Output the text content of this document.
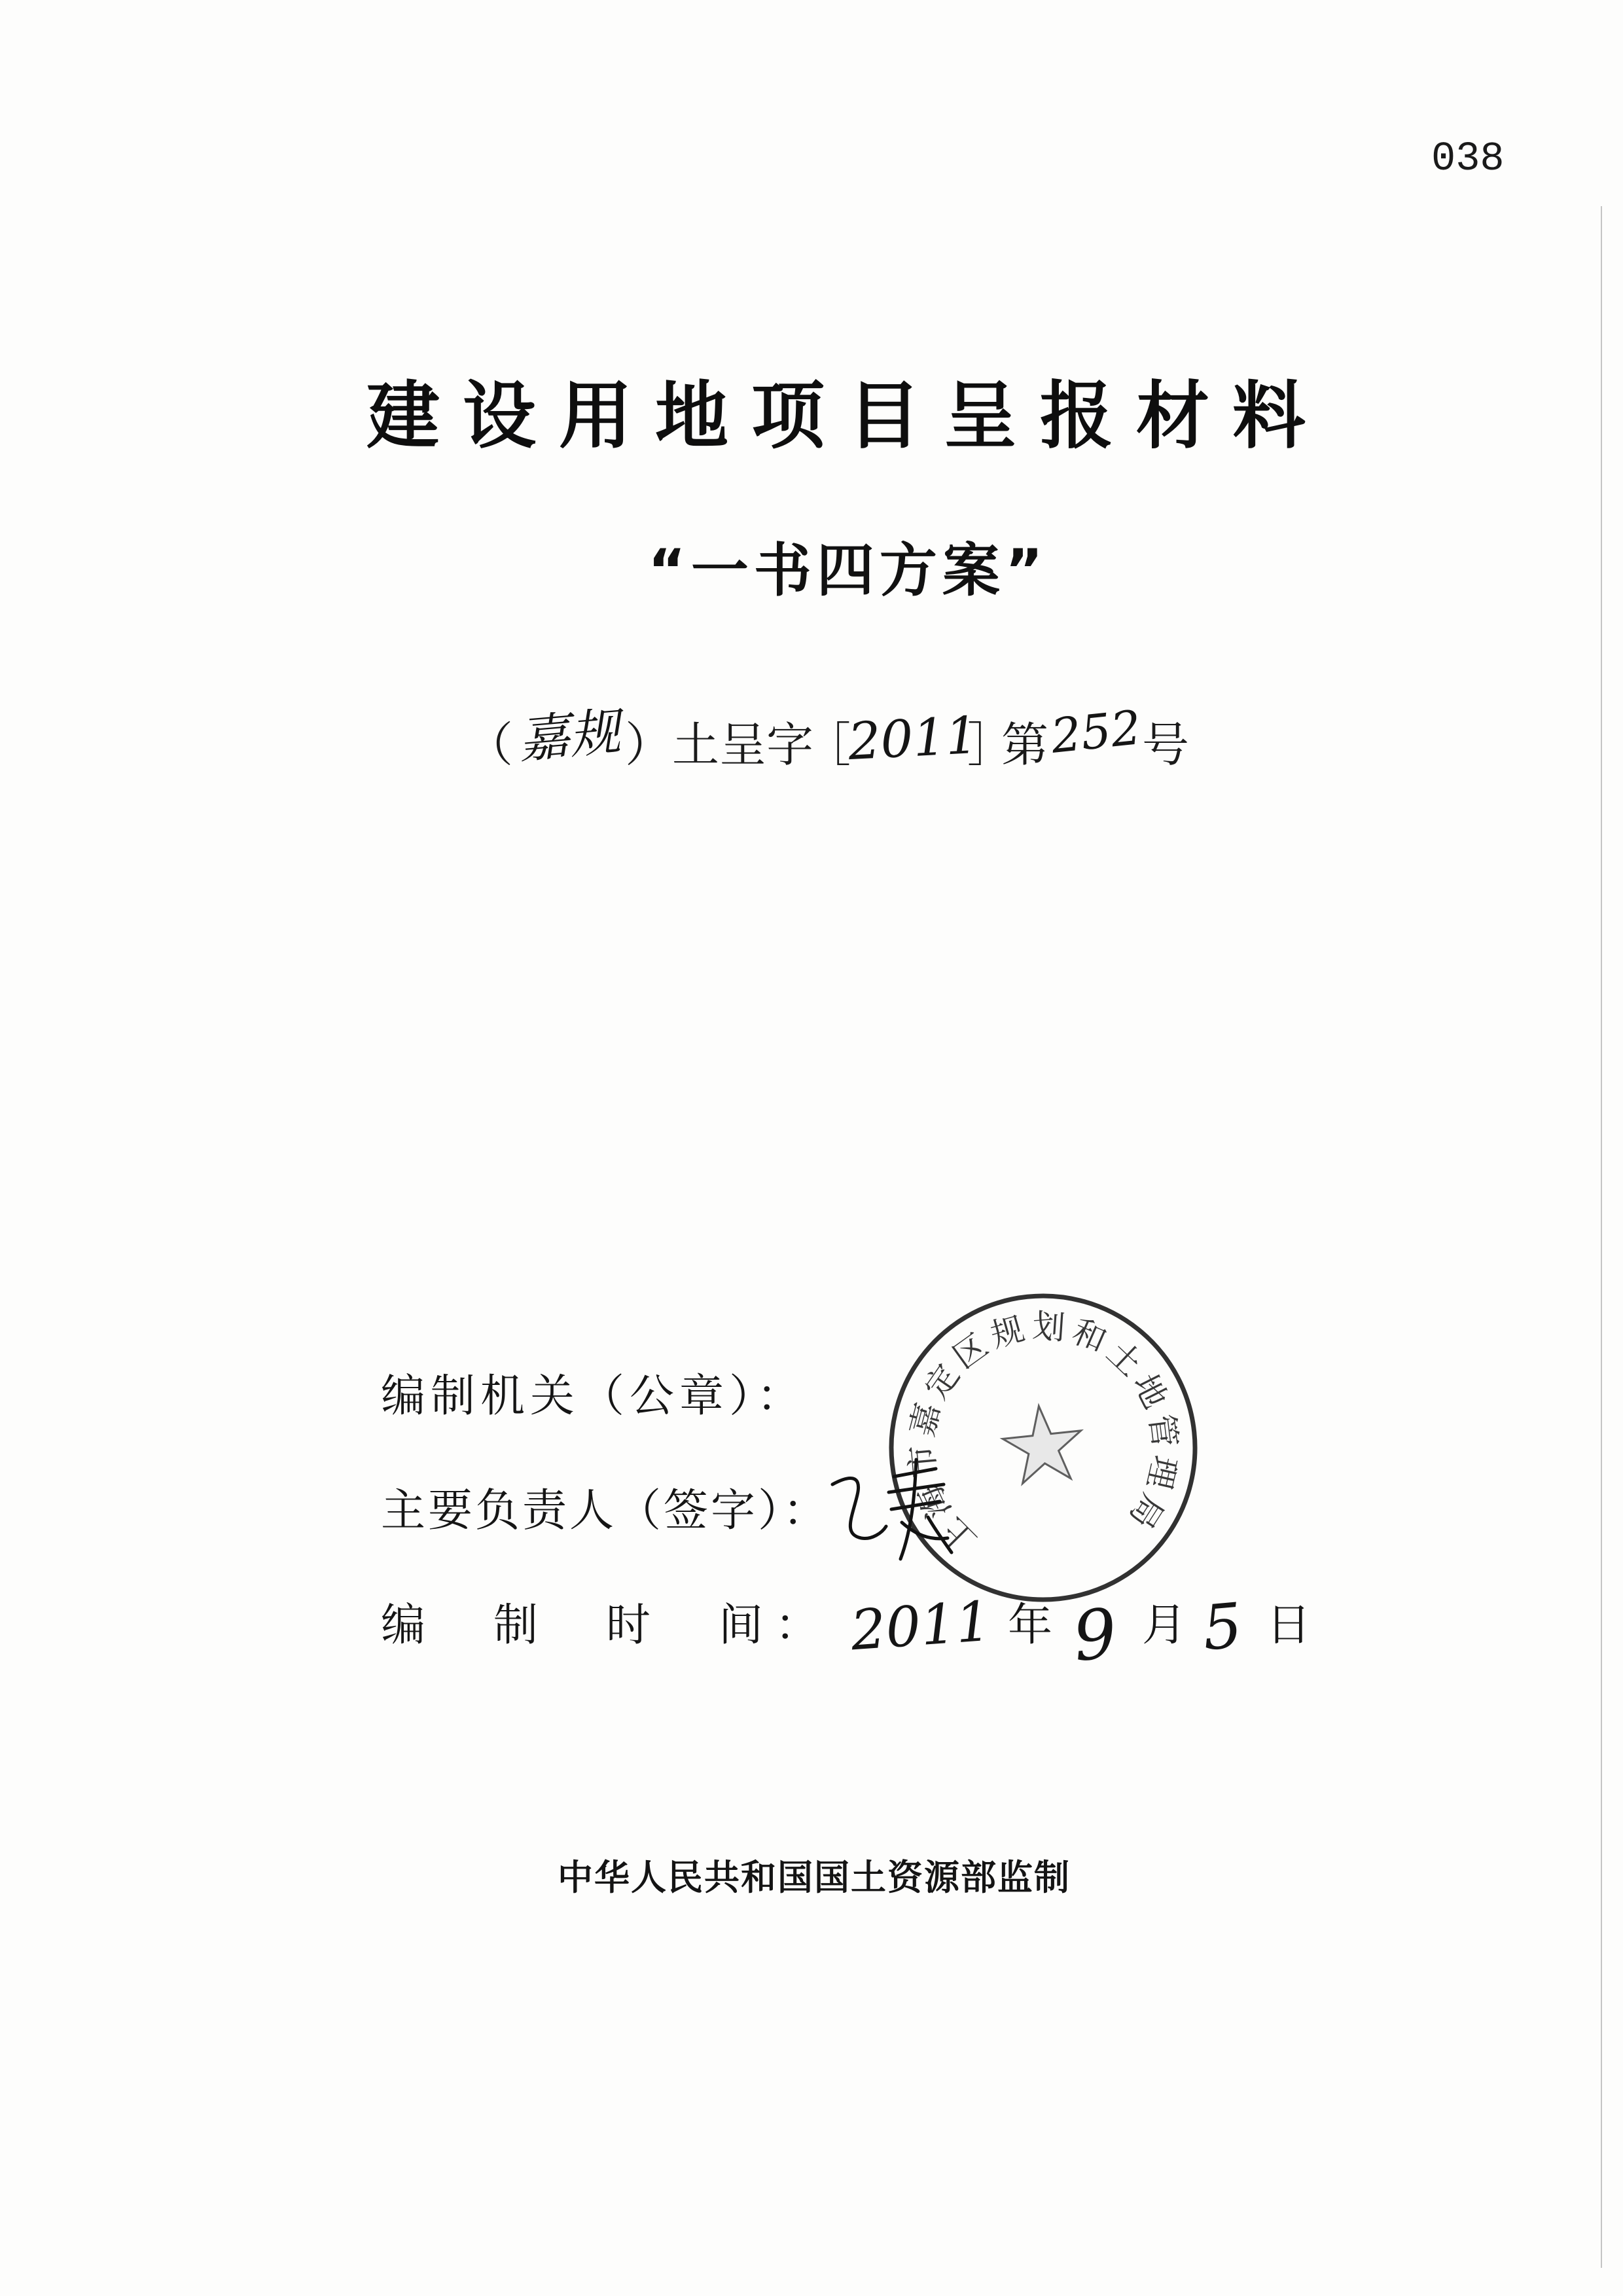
038
建设用地项目呈报材料
“一书四方案”
（ 嘉规 ）土呈字
［
2011
］
第 252
号
上海市嘉定区规划和土地管理局
编制机关（公章）：
主要负责人（签字）：
编　制　时　间： 2011 年 9 月 5 日
中华人民共和国国土资源部监制
